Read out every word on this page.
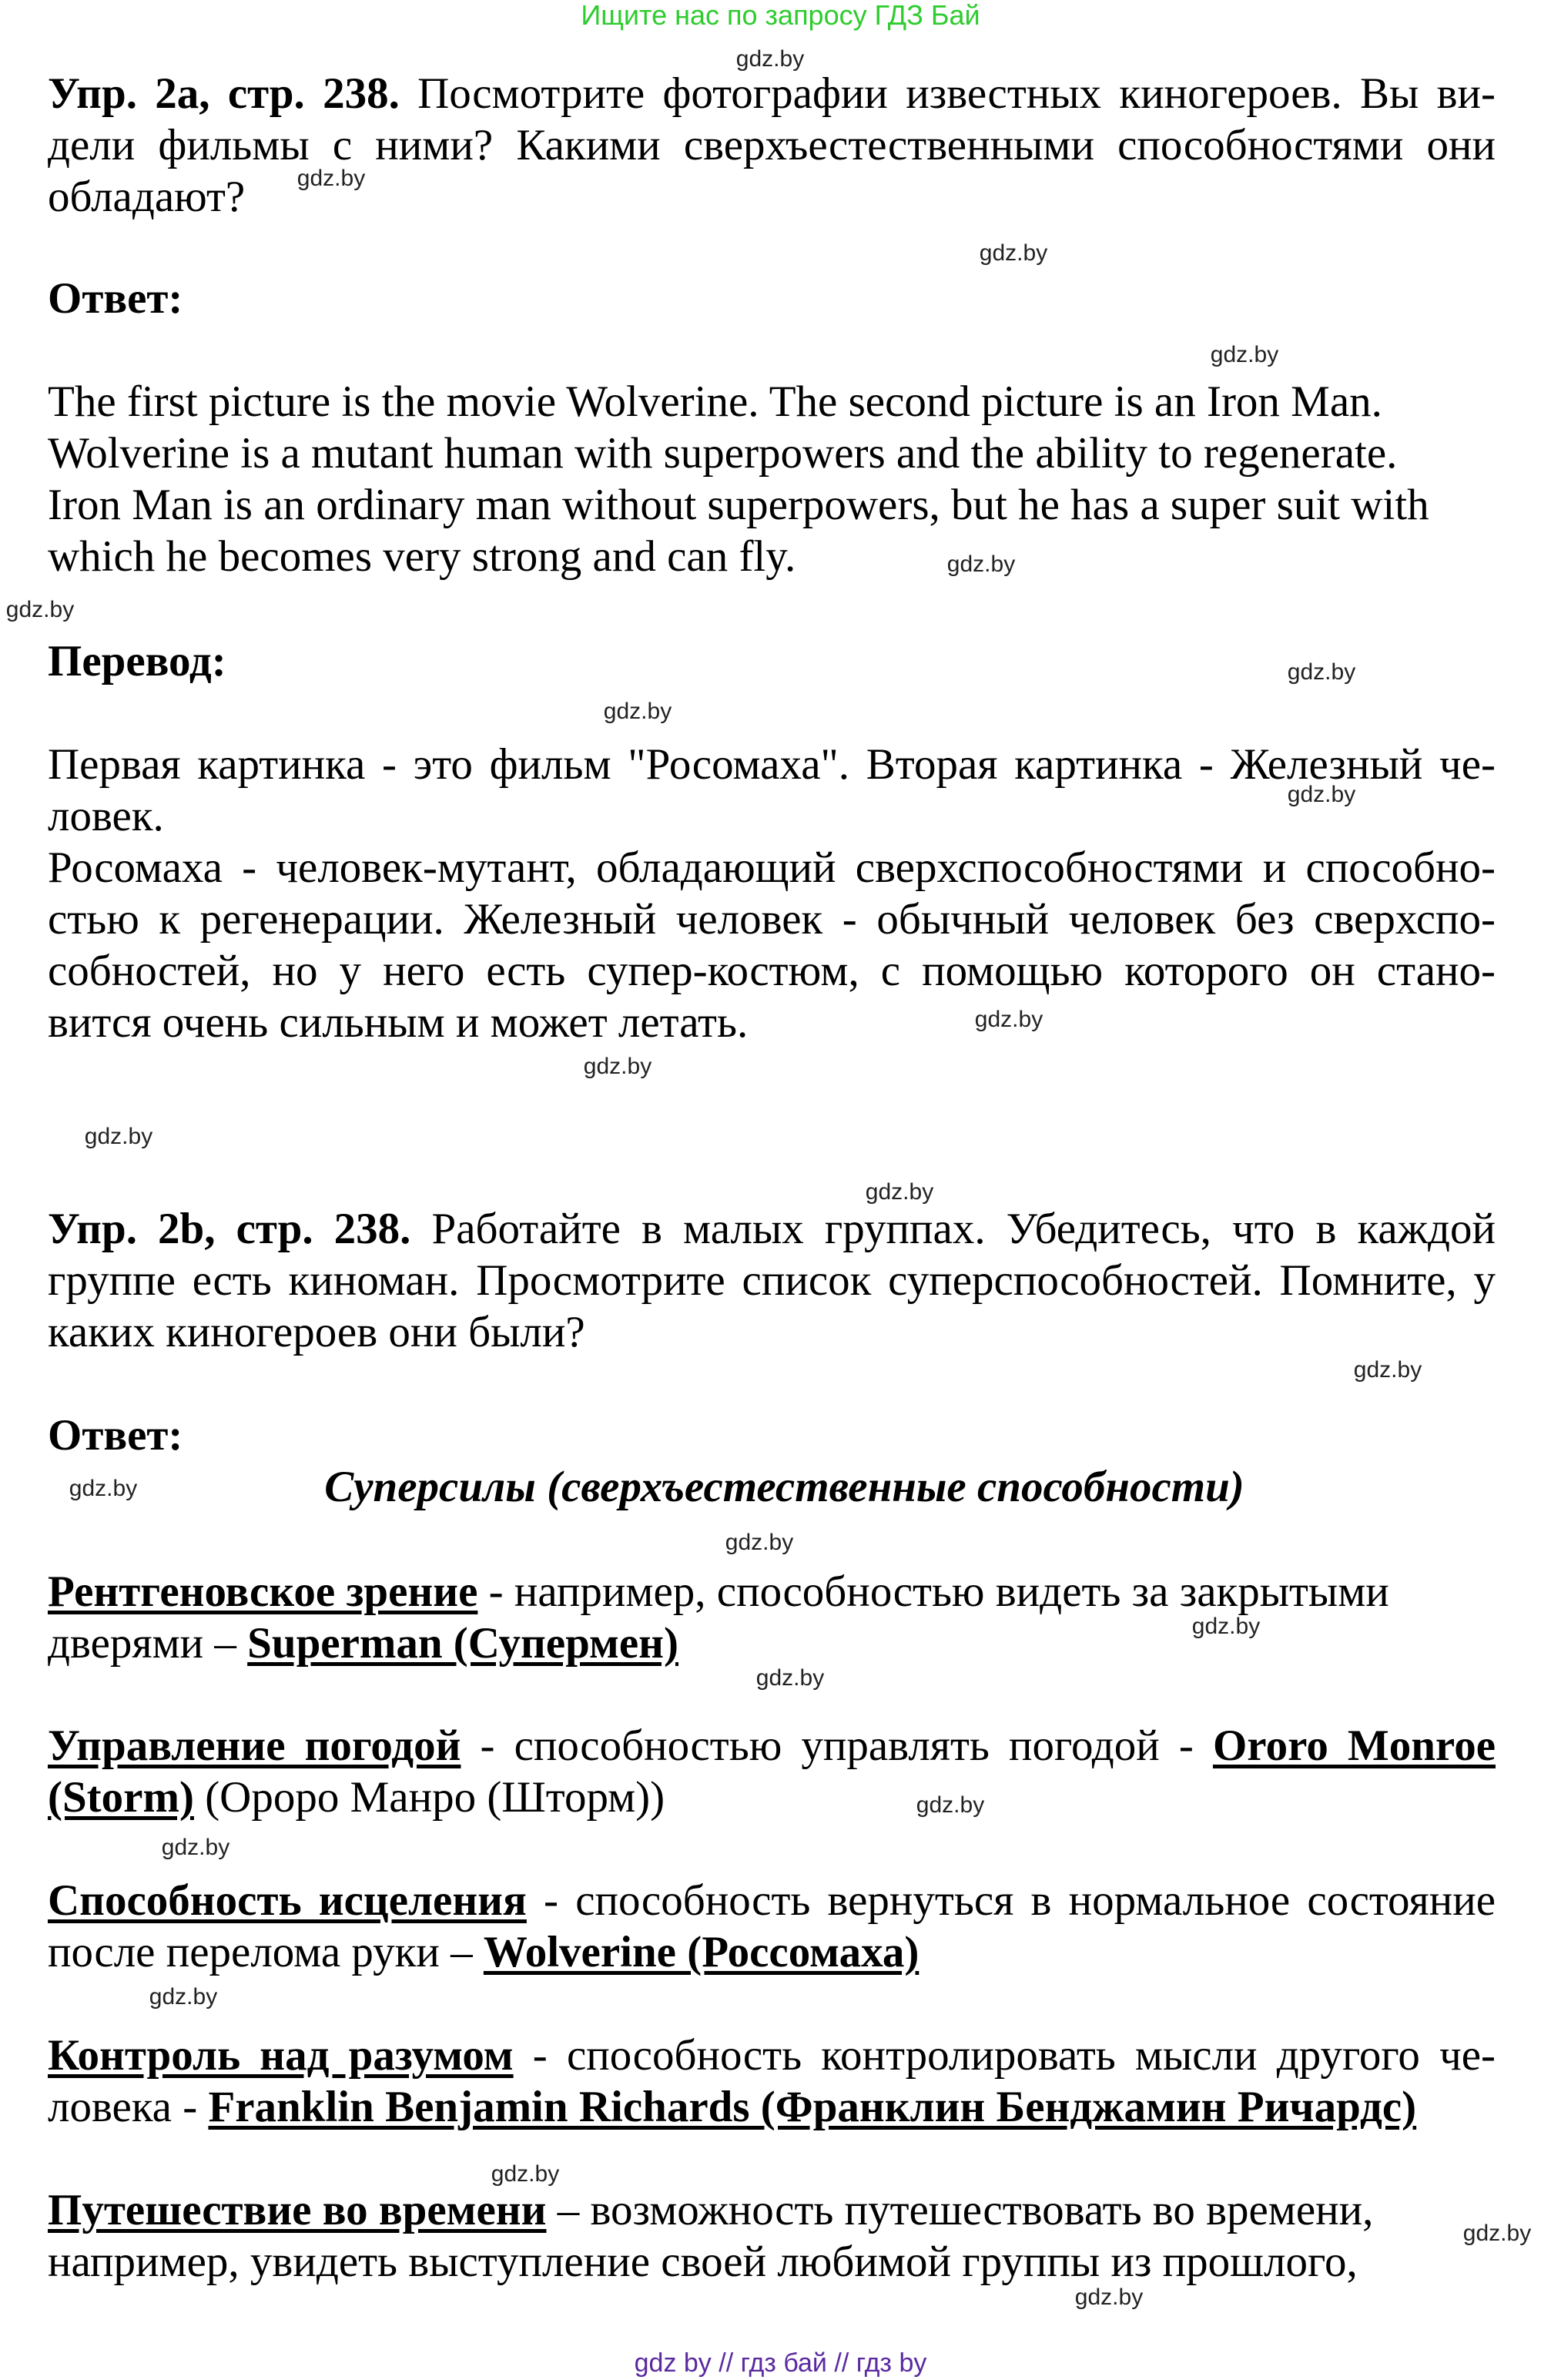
Ищите нас по запросу ГДЗ Бай
Упр. 2а, стр. 238. Посмотрите фотографии известных киногероев. Вы ви-
дели фильмы с ними? Какими сверхъестественными способностями они
обладают?
Ответ:
The first picture is the movie Wolverine. The second picture is an Iron Man.
Wolverine is a mutant human with superpowers and the ability to regenerate.
Iron Man is an ordinary man without superpowers, but he has a super suit with
which he becomes very strong and can fly.
Перевод:
Первая картинка - это фильм "Росомаха". Вторая картинка - Железный че-
ловек.
Росомаха - человек-мутант, обладающий сверхспособностями и способно-
стью к регенерации. Железный человек - обычный человек без сверхспо-
собностей, но у него есть супер-костюм, с помощью которого он стано-
вится очень сильным и может летать.
Упр. 2b, стр. 238. Работайте в малых группах. Убедитесь, что в каждой
группе есть киноман. Просмотрите список суперспособностей. Помните, у
каких киногероев они были?
Ответ:
Суперсилы (сверхъестественные способности)
Рентгеновское зрение - например, способностью видеть за закрытыми
дверями – Superman (Супермен)
Управление погодой - способностью управлять погодой - Ororo Monroe
(Storm) (Ороро Манро (Шторм))
Способность исцеления - способность вернуться в нормальное состояние
после перелома руки – Wolverine (Россомаха)
Контроль над разумом - способность контролировать мысли другого че-
ловека - Franklin Benjamin Richards (Франклин Бенджамин Ричардс)
Путешествие во времени – возможность путешествовать во времени,
например, увидеть выступление своей любимой группы из прошлого,
gdz.by
gdz.by
gdz.by
gdz.by
gdz.by
gdz.by
gdz.by
gdz.by
gdz.by
gdz.by
gdz.by
gdz.by
gdz.by
gdz.by
gdz.by
gdz.by
gdz.by
gdz.by
gdz.by
gdz.by
gdz.by
gdz.by
gdz.by
gdz.by
gdz by // гдз бай // гдз by
